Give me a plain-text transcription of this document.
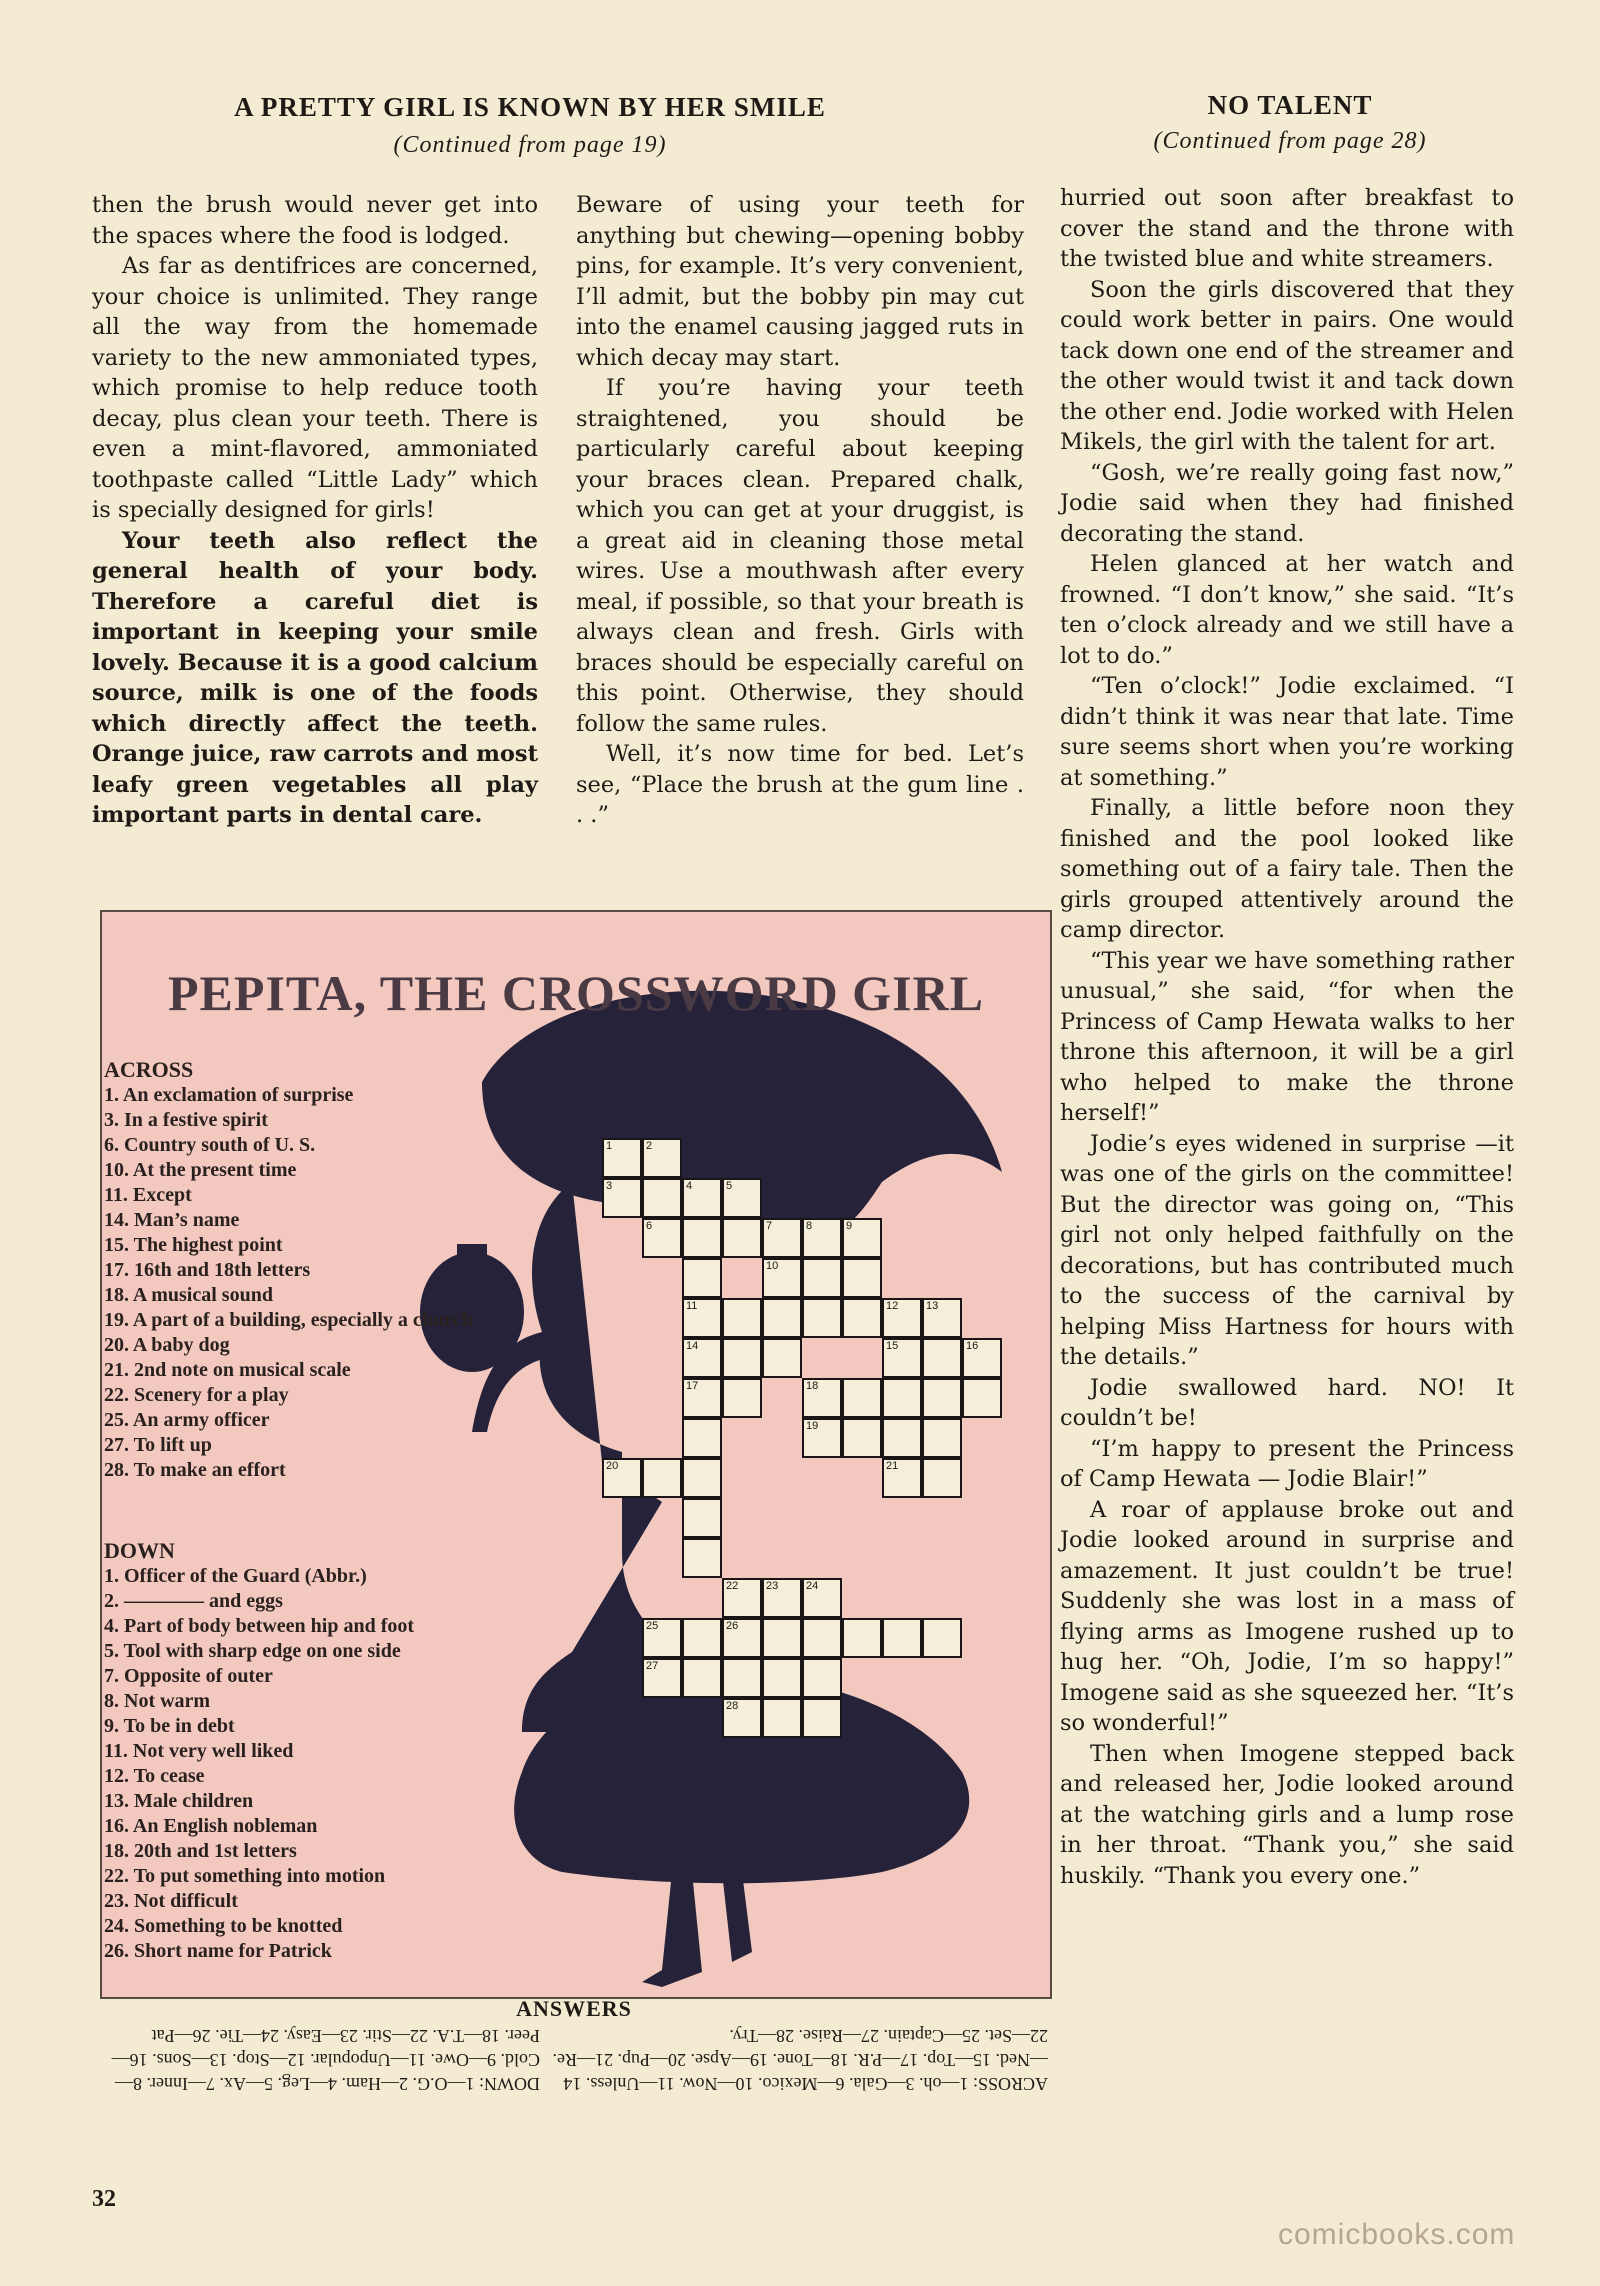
A PRETTY GIRL IS KNOWN BY HER SMILE
(Continued from page 19)
NO TALENT
(Continued from page 28)

then the brush would never get into the spaces where the food is lodged.

As far as dentifrices are concerned, your choice is unlimited. They range all the way from the homemade variety to the new ammoniated types, which promise to help reduce tooth decay, plus clean your teeth. There is even a mint-flavored, ammoniated toothpaste called “Little Lady” which is specially designed for girls!

Your teeth also reflect the general health of your body. Therefore a careful diet is important in keeping your smile lovely. Because it is a good calcium source, milk is one of the foods which directly affect the teeth. Orange juice, raw carrots and most leafy green vegetables all play important parts in dental care.

Beware of using your teeth for anything but chewing—opening bobby pins, for example. It’s very convenient, I’ll admit, but the bobby pin may cut into the enamel causing jagged ruts in which decay may start.

If you’re having your teeth straightened, you should be particularly careful about keeping your braces clean. Prepared chalk, which you can get at your druggist, is a great aid in cleaning those metal wires. Use a mouthwash after every meal, if possible, so that your breath is always clean and fresh. Girls with braces should be especially careful on this point. Otherwise, they should follow the same rules.

Well, it’s now time for bed. Let’s see, “Place the brush at the gum line . . .”

hurried out soon after breakfast to cover the stand and the throne with the twisted blue and white streamers.

Soon the girls discovered that they could work better in pairs. One would tack down one end of the streamer and the other would twist it and tack down the other end. Jodie worked with Helen Mikels, the girl with the talent for art.

“Gosh, we’re really going fast now,” Jodie said when they had finished decorating the stand.

Helen glanced at her watch and frowned. “I don’t know,” she said. “It’s ten o’clock already and we still have a lot to do.”

“Ten o’clock!” Jodie exclaimed. “I didn’t think it was near that late. Time sure seems short when you’re working at something.”

Finally, a little before noon they finished and the pool looked like something out of a fairy tale. Then the girls grouped attentively around the camp director.

“This year we have something rather unusual,” she said, “for when the Princess of Camp Hewata walks to her throne this afternoon, it will be a girl who helped to make the throne herself!”

Jodie’s eyes widened in surprise —it was one of the girls on the committee! But the director was going on, “This girl not only helped faithfully on the decorations, but has contributed much to the success of the carnival by helping Miss Hartness for hours with the details.”

Jodie swallowed hard. NO! It couldn’t be!

“I’m happy to present the Princess of Camp Hewata — Jodie Blair!”

A roar of applause broke out and Jodie looked around in surprise and amazement. It just couldn’t be true! Suddenly she was lost in a mass of flying arms as Imogene rushed up to hug her. “Oh, Jodie, I’m so happy!” Imogene said as she squeezed her. “It’s so wonderful!”

Then when Imogene stepped back and released her, Jodie looked around at the watching girls and a lump rose in her throat. “Thank you,” she said huskily. “Thank you every one.”

PEPITA, THE CROSSWORD GIRL
ACROSS
1. An exclamation of surprise
3. In a festive spirit
6. Country south of U. S.
10. At the present time
11. Except
14. Man’s name
15. The highest point
17. 16th and 18th letters
18. A musical sound
19. A part of a building, especially a church
20. A baby dog
21. 2nd note on musical scale
22. Scenery for a play
25. An army officer
27. To lift up
28. To make an effort
DOWN
1. Officer of the Guard (Abbr.)
2. ———— and eggs
4. Part of body between hip and foot
5. Tool with sharp edge on one side
7. Opposite of outer
8. Not warm
9. To be in debt
11. Not very well liked
12. To cease
13. Male children
16. An English nobleman
18. 20th and 1st letters
22. To put something into motion
23. Not difficult
24. Something to be knotted
26. Short name for Patrick
1	2
3	4	5
6	7	8	9
10
11	12	13
14	15	16
17	18
19
20	21
22	23	24
25	26
27
28
ANSWERS
ACROSS: 1—oh. 3—Gala. 6—Mexico. 10—Now. 11—Unless. 14—Ned. 15—Top. 17—P.R. 18—Tone. 19—Apse. 20—Pup. 21—Re. 22—Set. 25—Captain. 27—Raise. 28—Try.
DOWN: 1—O.G. 2—Ham. 4—Leg. 5—Ax. 7—Inner. 8—Cold. 9—Owe. 11—Unpopular. 12—Stop. 13—Sons. 16—Peer. 18—T.A. 22—Stir. 23—Easy. 24—Tie. 26—Pat
32
comicbooks.com
